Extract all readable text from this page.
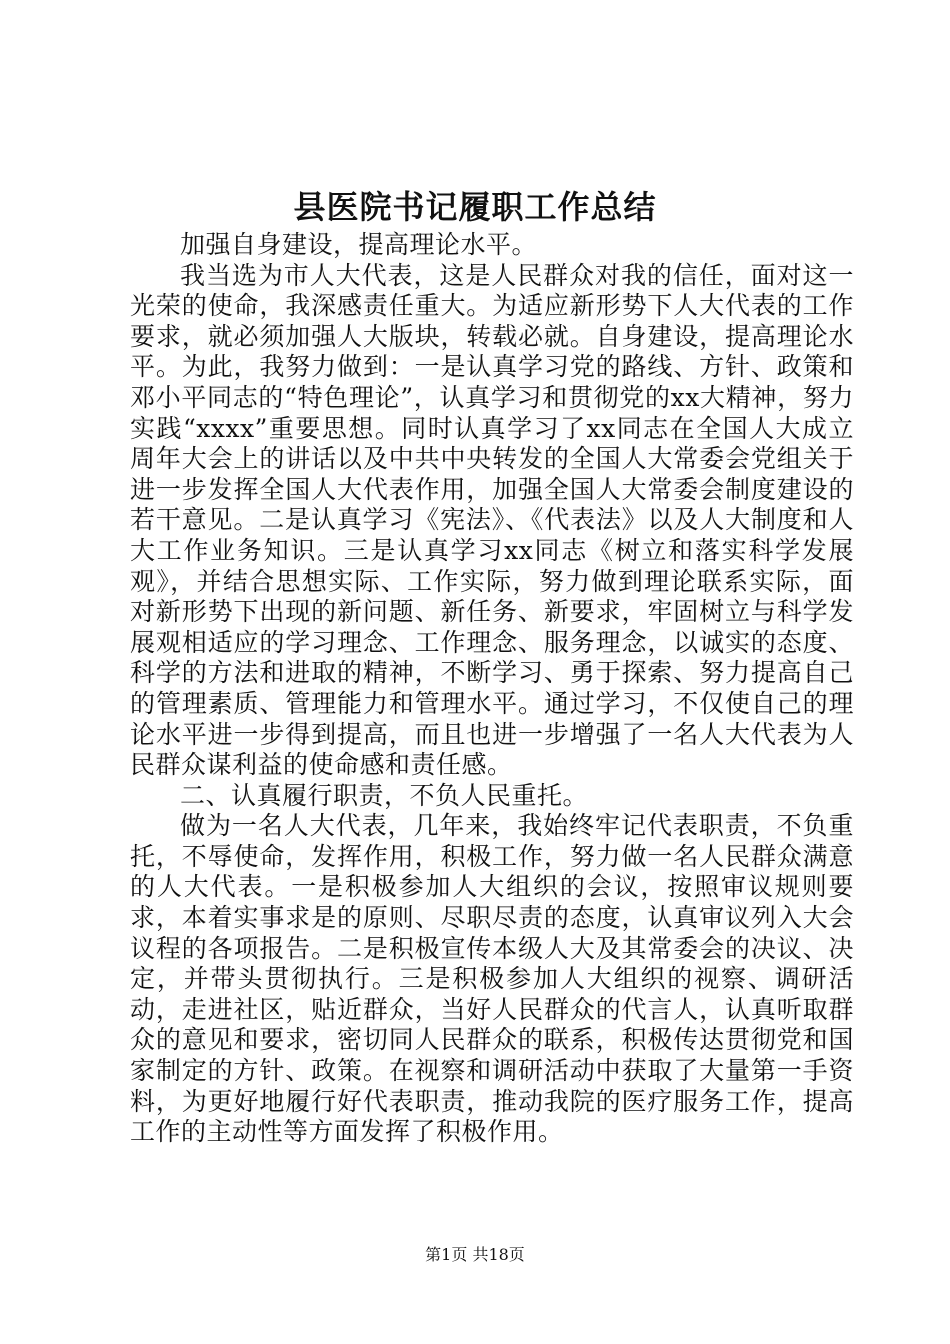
县医院书记履职工作总结

加强自身建设，提高理论水平。

我当选为市人大代表，这是人民群众对我的信任，面对这一光荣的使命，我深感责任重大。为适应新形势下人大代表的工作要求，就必须加强人大版块，转载必就。自身建设，提高理论水平。为此，我努力做到：一是认真学习党的路线、方针、政策和邓小平同志的“特色理论”，认真学习和贯彻党的xx大精神，努力实践“xxxx”重要思想。同时认真学习了xx同志在全国人大成立周年大会上的讲话以及中共中央转发的全国人大常委会党组关于进一步发挥全国人大代表作用，加强全国人大常委会制度建设的若干意见。二是认真学习《宪法》、《代表法》以及人大制度和人大工作业务知识。三是认真学习xx同志《树立和落实科学发展观》，并结合思想实际、工作实际，努力做到理论联系实际，面对新形势下出现的新问题、新任务、新要求，牢固树立与科学发展观相适应的学习理念、工作理念、服务理念，以诚实的态度、科学的方法和进取的精神，不断学习、勇于探索、努力提高自己的管理素质、管理能力和管理水平。通过学习，不仅使自己的理论水平进一步得到提高，而且也进一步增强了一名人大代表为人民群众谋利益的使命感和责任感。

二、认真履行职责，不负人民重托。

做为一名人大代表，几年来，我始终牢记代表职责，不负重托，不辱使命，发挥作用，积极工作，努力做一名人民群众满意的人大代表。一是积极参加人大组织的会议，按照审议规则要求，本着实事求是的原则、尽职尽责的态度，认真审议列入大会议程的各项报告。二是积极宣传本级人大及其常委会的决议、决定，并带头贯彻执行。三是积极参加人大组织的视察、调研活动，走进社区，贴近群众，当好人民群众的代言人，认真听取群众的意见和要求，密切同人民群众的联系，积极传达贯彻党和国家制定的方针、政策。在视察和调研活动中获取了大量第一手资料，为更好地履行好代表职责，推动我院的医疗服务工作，提高工作的主动性等方面发挥了积极作用。

第1页 共18页
